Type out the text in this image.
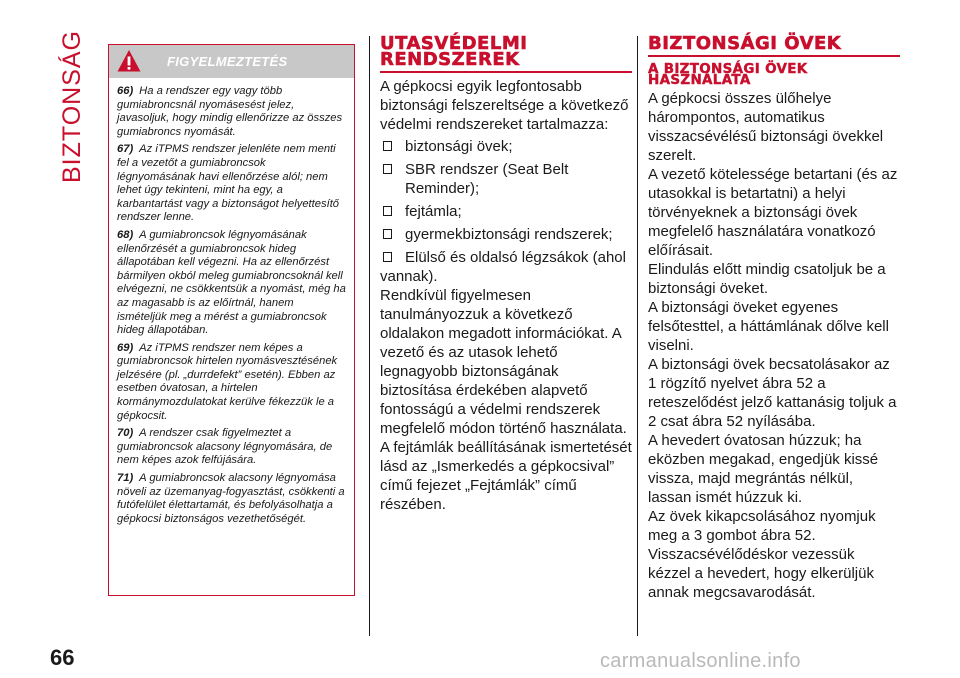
BIZTONSÁG	FIGYELMEZTETÉS

66) Ha a rendszer egy vagy több gumiabroncsnál nyomásesést jelez, javasoljuk, hogy mindig ellenőrizze az összes gumiabroncs nyomását.

67) Az iTPMS rendszer jelenléte nem menti fel a vezetőt a gumiabroncsok légnyomásának havi ellenőrzése alól; nem lehet úgy tekinteni, mint ha egy, a karbantartást vagy a biztonságot helyettesítő rendszer lenne.

68) A gumiabroncsok légnyomásának ellenőrzését a gumiabroncsok hideg állapotában kell végezni. Ha az ellenőrzést bármilyen okból meleg gumiabroncsoknál kell elvégezni, ne csökkentsük a nyomást, még ha az magasabb is az előírtnál, hanem ismételjük meg a mérést a gumiabroncsok hideg állapotában.

69) Az iTPMS rendszer nem képes a gumiabroncsok hirtelen nyomásvesztésének jelzésére (pl. „durrdefekt” esetén). Ebben az esetben óvatosan, a hirtelen kormánymozdulatokat kerülve fékezzük le a gépkocsit.

70) A rendszer csak figyelmeztet a gumiabroncsok alacsony légnyomására, de nem képes azok felfújására.

71) A gumiabroncsok alacsony légnyomása növeli az üzemanyag-fogyasztást, csökkenti a futófelület élettartamát, és befolyásolhatja a gépkocsi biztonságos vezethetőségét.

UTASVÉDELMI
RENDSZEREK

A gépkocsi egyik legfontosabb biztonsági felszereltsége a következő védelmi rendszereket tartalmazza:

biztonsági övek;
SBR rendszer (Seat Belt Reminder);
fejtámla;
gyermekbiztonsági rendszerek;
Elülső és oldalsó légzsákok (ahol vannak).

Rendkívül figyelmesen tanulmányozzuk a következő oldalakon megadott információkat. A vezető és az utasok lehető legnagyobb biztonságának biztosítása érdekében alapvető fontosságú a védelmi rendszerek megfelelő módon történő használata.

A fejtámlák beállításának ismertetését lásd az „Ismerkedés a gépkocsival” című fejezet „Fejtámlák” című részében.

BIZTONSÁGI ÖVEK
A BIZTONSÁGI ÖVEK
HASZNÁLATA

A gépkocsi összes ülőhelye hárompontos, automatikus visszacsévélésű biztonsági övekkel szerelt.

A vezető kötelessége betartani (és az utasokkal is betartatni) a helyi törvényeknek a biztonsági övek megfelelő használatára vonatkozó előírásait.

Elindulás előtt mindig csatoljuk be a biztonsági öveket.

A biztonsági öveket egyenes felsőtesttel, a háttámlának dőlve kell viselni.

A biztonsági övek becsatolásakor az 1 rögzítő nyelvet ábra 52 a reteszelődést jelző kattanásig toljuk a 2 csat ábra 52 nyílásába.

A hevedert óvatosan húzzuk; ha eközben megakad, engedjük kissé vissza, majd megrántás nélkül, lassan ismét húzzuk ki.

Az övek kikapcsolásához nyomjuk meg a 3 gombot ábra 52.

Visszacsévélődéskor vezessük kézzel a hevedert, hogy elkerüljük annak megcsavarodását.

66	carmanualsonline.info
